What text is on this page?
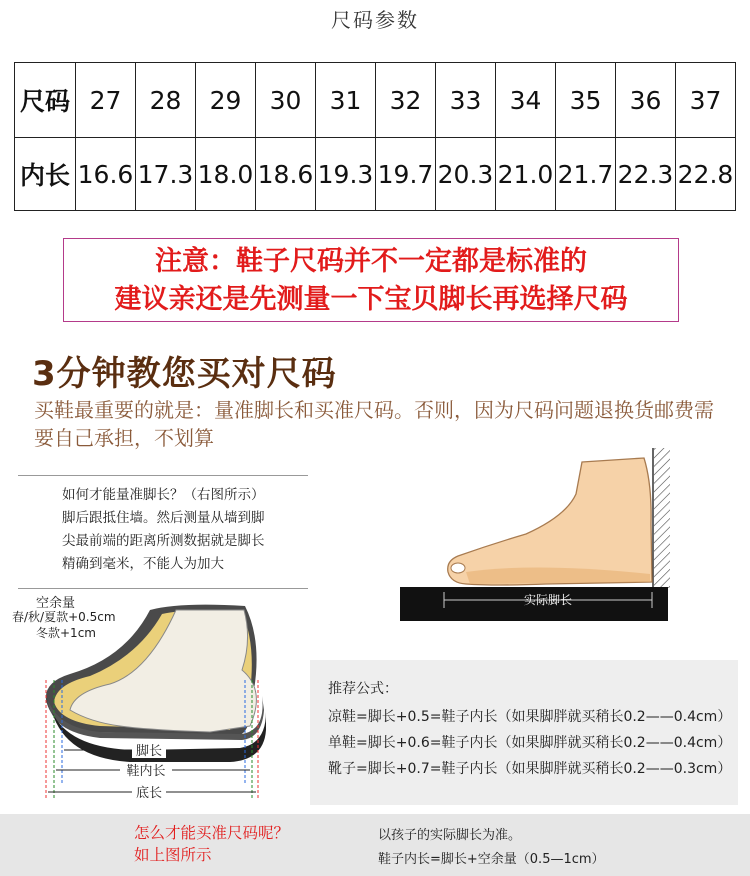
尺码参数
尺码	27	28	29	30	31	32	33	34	35	36	37
内长	16.6	17.3	18.0	18.6	19.3	19.7	20.3	21.0	21.7	22.3	22.8
注意：鞋子尺码并不一定都是标准的
建议亲还是先测量一下宝贝脚长再选择尺码
3分钟教您买对尺码
买鞋最重要的就是：量准脚长和买准尺码。否则，因为尺码问题退换货邮费需要自己承担，不划算
如何才能量准脚长？（右图所示）
脚后跟抵住墙。然后测量从墙到脚
尖最前端的距离所测数据就是脚长
精确到毫米，不能人为加大
实际脚长
空余量
春/秋/夏款+0.5cm
冬款+1cm
脚长
鞋内长
底长
推荐公式：
凉鞋=脚长+0.5=鞋子内长（如果脚胖就买稍长0.2——0.4cm）
单鞋=脚长+0.6=鞋子内长（如果脚胖就买稍长0.2——0.4cm）
靴子=脚长+0.7=鞋子内长（如果脚胖就买稍长0.2——0.3cm）
怎么才能买准尺码呢？
如上图所示
以孩子的实际脚长为准。
鞋子内长=脚长+空余量（0.5—1cm）
